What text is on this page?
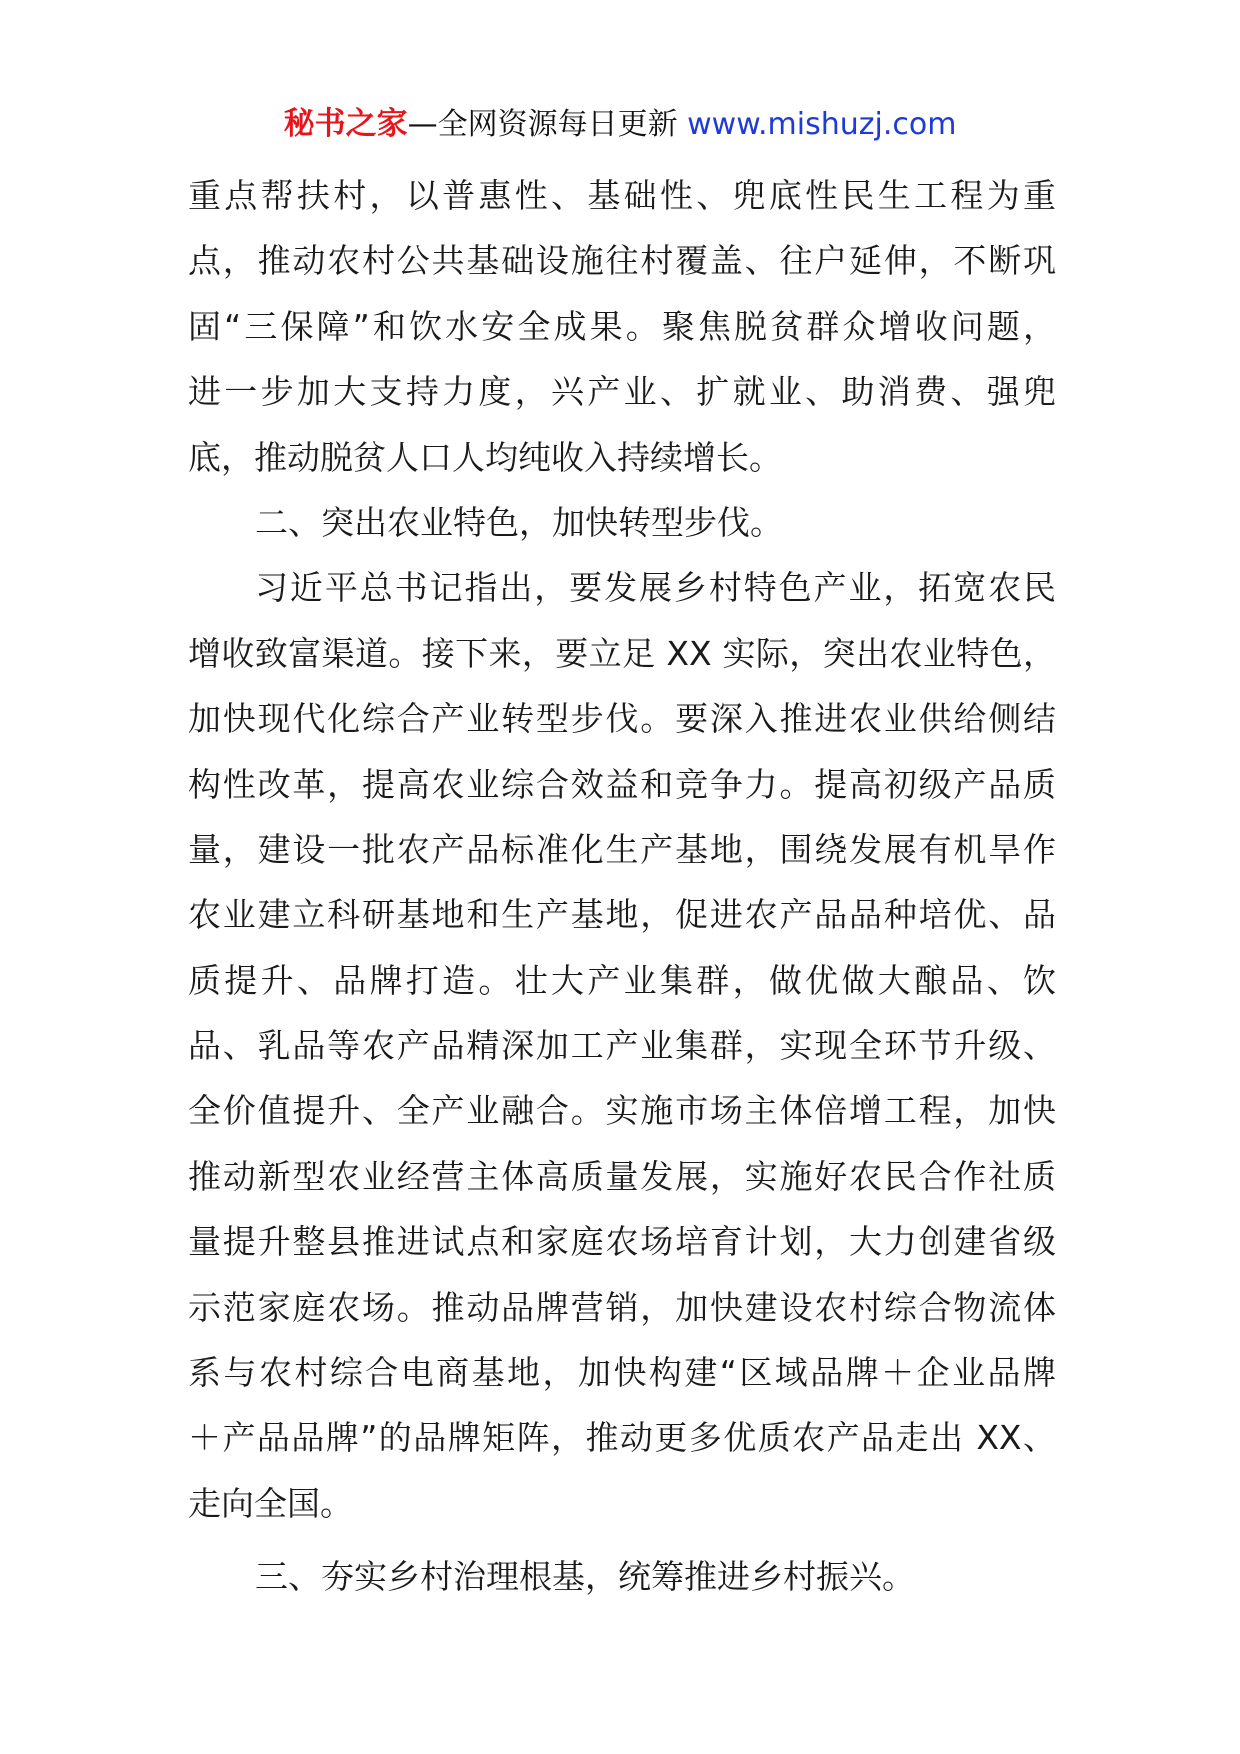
秘书之家—全网资源每日更新 www.mishuzj.com
重点帮扶村，以普惠性、基础性、兜底性民生工程为重
点，推动农村公共基础设施往村覆盖、往户延伸，不断巩
固“三保障”和饮水安全成果。聚焦脱贫群众增收问题，
进一步加大支持力度，兴产业、扩就业、助消费、强兜
底，推动脱贫人口人均纯收入持续增长。
二、突出农业特色，加快转型步伐。
习近平总书记指出，要发展乡村特色产业，拓宽农民
增收致富渠道。接下来，要立足 XX 实际，突出农业特色，
加快现代化综合产业转型步伐。要深入推进农业供给侧结
构性改革，提高农业综合效益和竞争力。提高初级产品质
量，建设一批农产品标准化生产基地，围绕发展有机旱作
农业建立科研基地和生产基地，促进农产品品种培优、品
质提升、品牌打造。壮大产业集群，做优做大酿品、饮
品、乳品等农产品精深加工产业集群，实现全环节升级、
全价值提升、全产业融合。实施市场主体倍增工程，加快
推动新型农业经营主体高质量发展，实施好农民合作社质
量提升整县推进试点和家庭农场培育计划，大力创建省级
示范家庭农场。推动品牌营销，加快建设农村综合物流体
系与农村综合电商基地，加快构建“区域品牌＋企业品牌
＋产品品牌”的品牌矩阵，推动更多优质农产品走出 XX、
走向全国。
三、夯实乡村治理根基，统筹推进乡村振兴。
